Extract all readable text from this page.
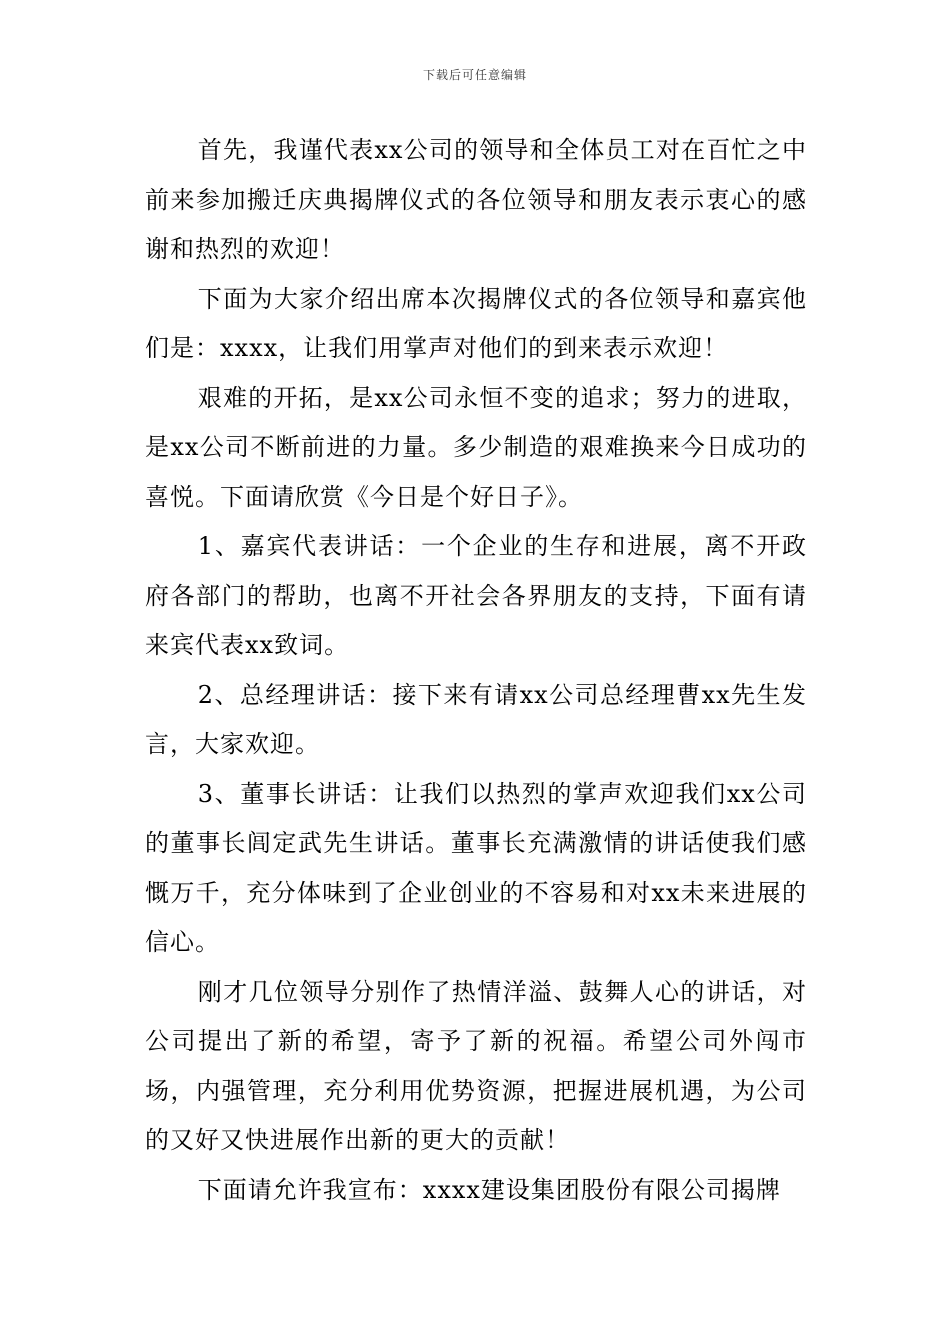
下载后可任意编辑

首先，我谨代表xx公司的领导和全体员工对在百忙之中前来参加搬迁庆典揭牌仪式的各位领导和朋友表示衷心的感谢和热烈的欢迎！

下面为大家介绍出席本次揭牌仪式的各位领导和嘉宾他们是：xxxx，让我们用掌声对他们的到来表示欢迎！

艰难的开拓，是xx公司永恒不变的追求；努力的进取，是xx公司不断前进的力量。多少制造的艰难换来今日成功的喜悦。下面请欣赏《今日是个好日子》。

1、嘉宾代表讲话：一个企业的生存和进展，离不开政府各部门的帮助，也离不开社会各界朋友的支持，下面有请来宾代表xx致词。

2、总经理讲话：接下来有请xx公司总经理曹xx先生发言，大家欢迎。

3、董事长讲话：让我们以热烈的掌声欢迎我们xx公司的董事长闾定武先生讲话。董事长充满激情的讲话使我们感慨万千，充分体味到了企业创业的不容易和对xx未来进展的信心。

刚才几位领导分别作了热情洋溢、鼓舞人心的讲话，对公司提出了新的希望，寄予了新的祝福。希望公司外闯市场，内强管理，充分利用优势资源，把握进展机遇，为公司的又好又快进展作出新的更大的贡献！

下面请允许我宣布：xxxx建设集团股份有限公司揭牌
